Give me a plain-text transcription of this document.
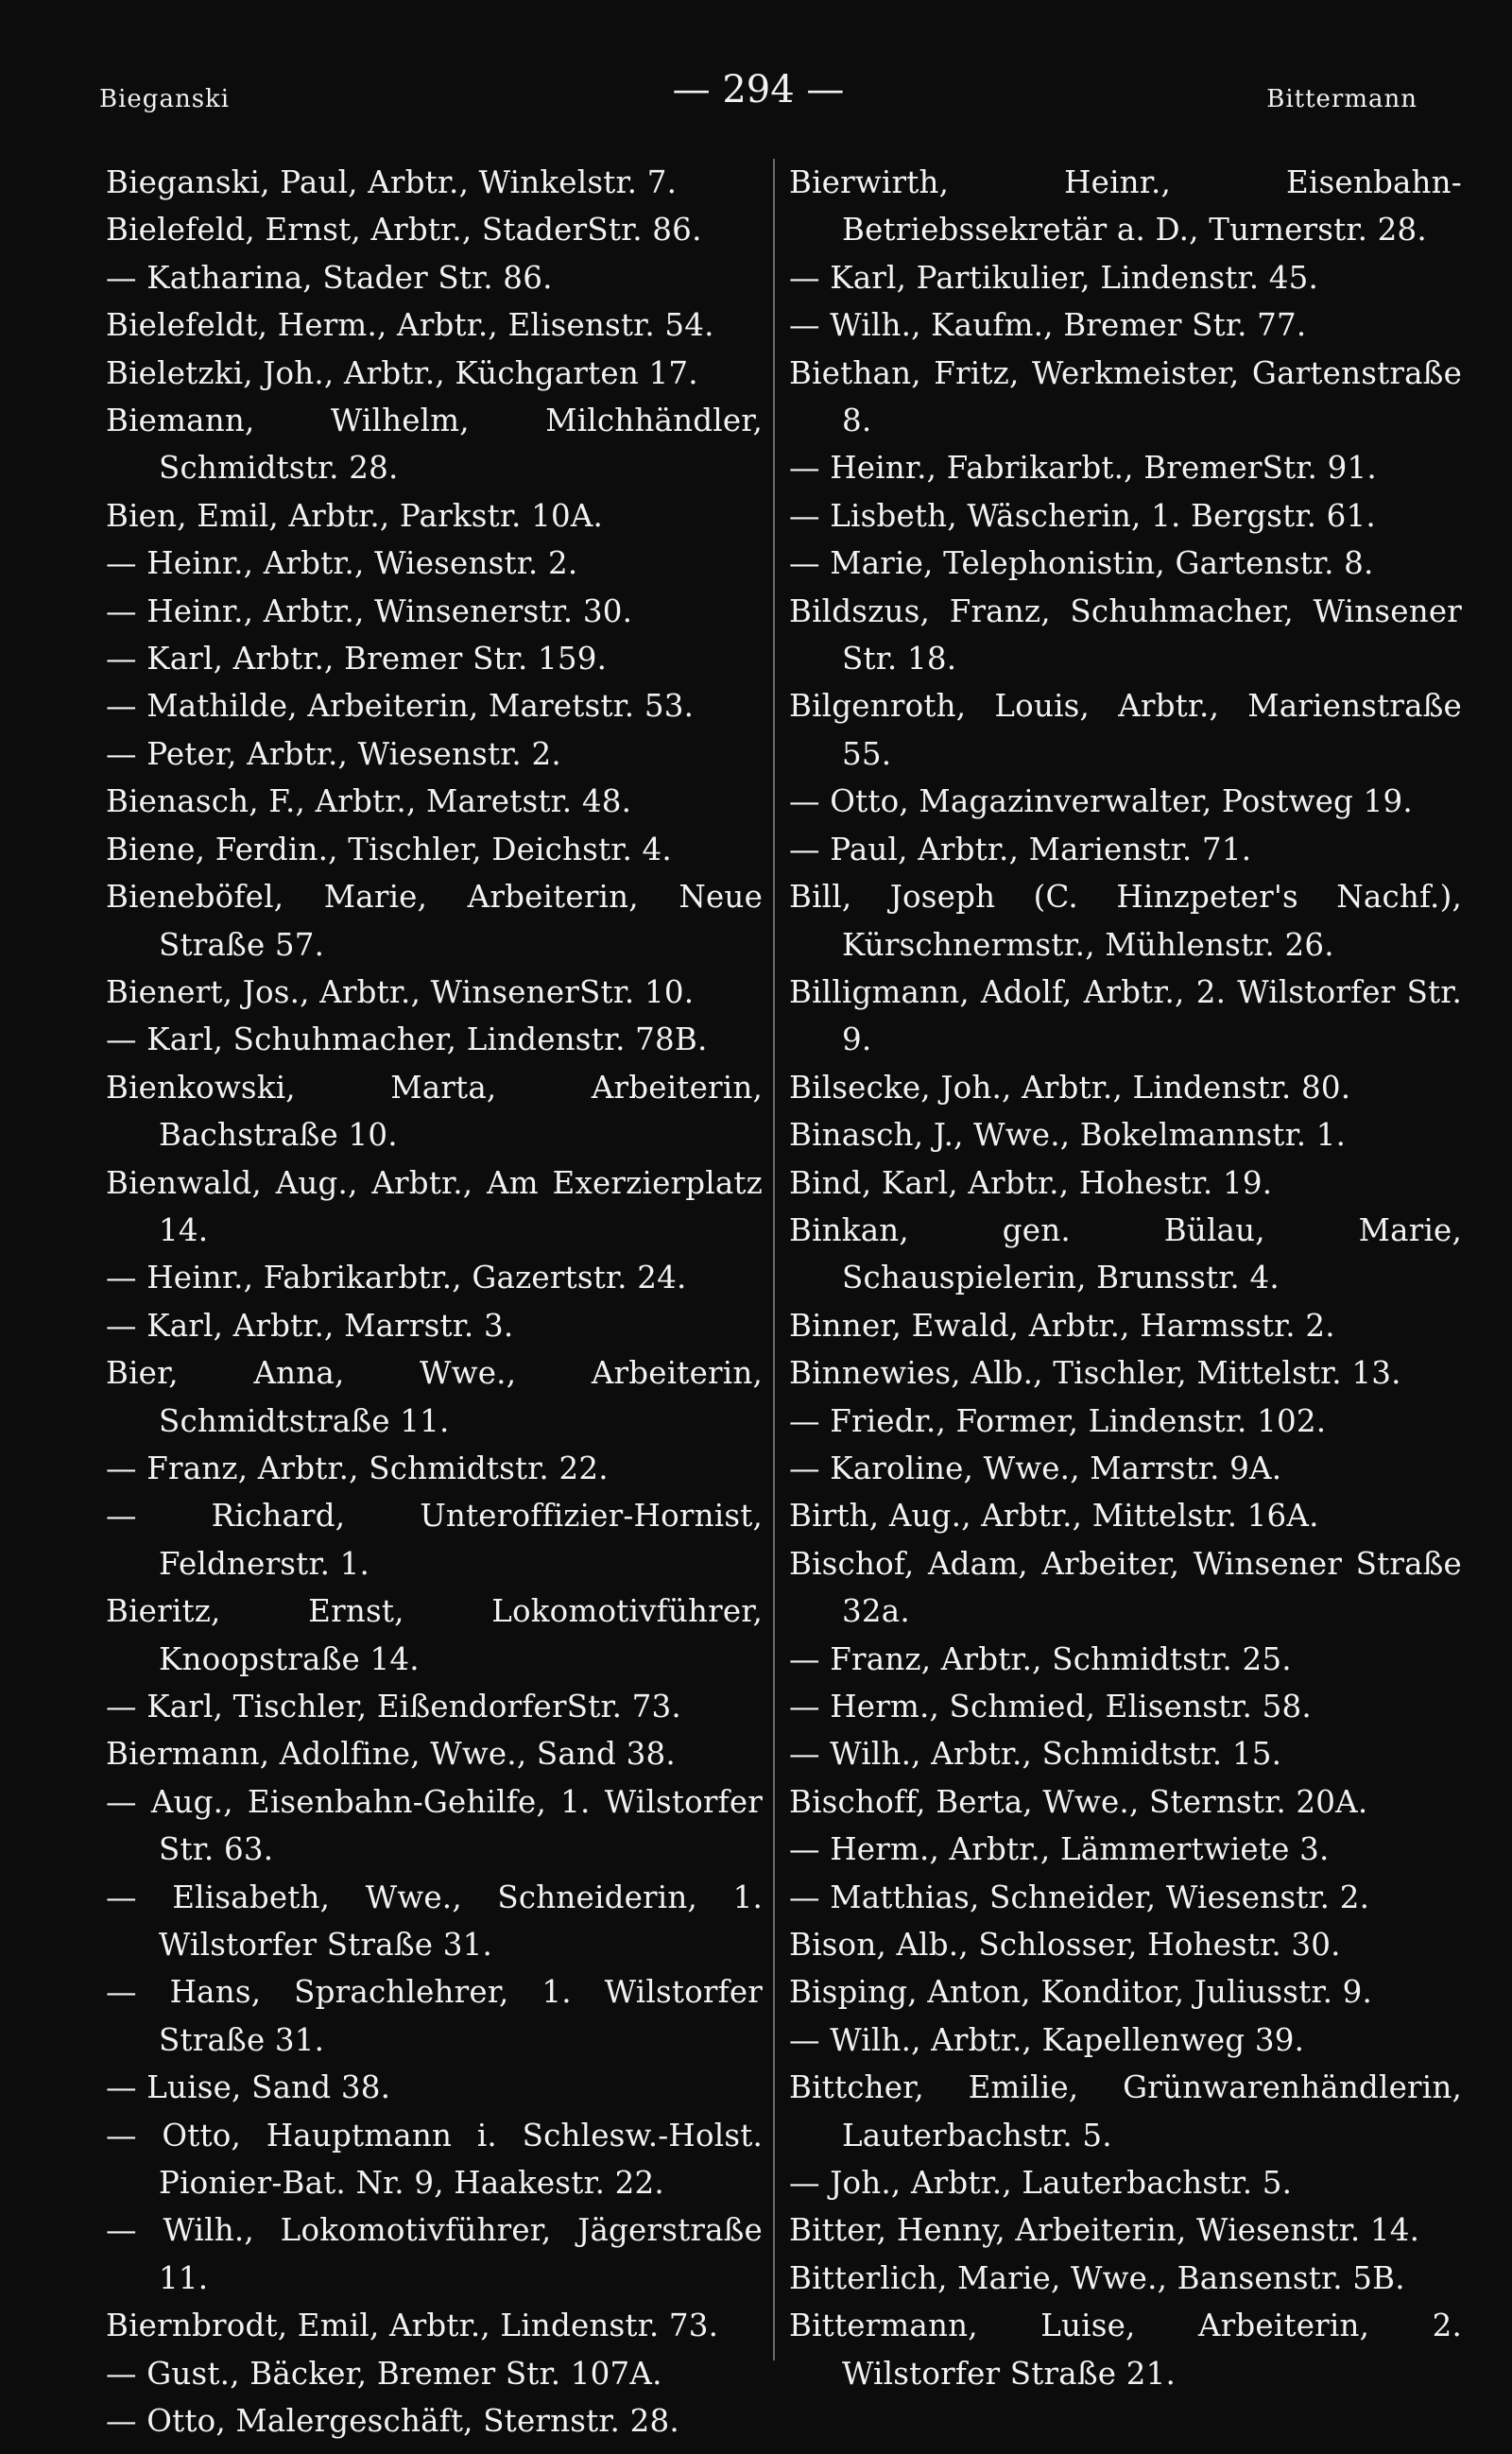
Bieganski	— 294 —	Bittermann
Bieganski, Paul, Arbtr., Winkelstr. 7.
Bielefeld, Ernst, Arbtr., StaderStr. 86.
— Katharina, Stader Str. 86.
Bielefeldt, Herm., Arbtr., Elisenstr. 54.
Bieletzki, Joh., Arbtr., Küchgarten 17.
Biemann, Wilhelm, Milchhändler, Schmidtstr. 28.
Bien, Emil, Arbtr., Parkstr. 10A.
— Heinr., Arbtr., Wiesenstr. 2.
— Heinr., Arbtr., Winsenerstr. 30.
— Karl, Arbtr., Bremer Str. 159.
— Mathilde, Arbeiterin, Maretstr. 53.
— Peter, Arbtr., Wiesenstr. 2.
Bienasch, F., Arbtr., Maretstr. 48.
Biene, Ferdin., Tischler, Deichstr. 4.
Bieneböfel, Marie, Arbeiterin, Neue Straße 57.
Bienert, Jos., Arbtr., WinsenerStr. 10.
— Karl, Schuhmacher, Lindenstr. 78B.
Bienkowski, Marta, Arbeiterin, Bachstraße 10.
Bienwald, Aug., Arbtr., Am Exerzierplatz 14.
— Heinr., Fabrikarbtr., Gazertstr. 24.
— Karl, Arbtr., Marrstr. 3.
Bier, Anna, Wwe., Arbeiterin, Schmidtstraße 11.
— Franz, Arbtr., Schmidtstr. 22.
— Richard, Unteroffizier-Hornist, Feldnerstr. 1.
Bieritz, Ernst, Lokomotivführer, Knoopstraße 14.
— Karl, Tischler, EißendorferStr. 73.
Biermann, Adolfine, Wwe., Sand 38.
— Aug., Eisenbahn-Gehilfe, 1. Wilstorfer Str. 63.
— Elisabeth, Wwe., Schneiderin, 1. Wilstorfer Straße 31.
— Hans, Sprachlehrer, 1. Wilstorfer Straße 31.
— Luise, Sand 38.
— Otto, Hauptmann i. Schlesw.-Holst. Pionier-Bat. Nr. 9, Haakestr. 22.
— Wilh., Lokomotivführer, Jägerstraße 11.
Biernbrodt, Emil, Arbtr., Lindenstr. 73.
— Gust., Bäcker, Bremer Str. 107A.
— Otto, Malergeschäft, Sternstr. 28.
Bierwirth, Heinr., Eisenbahn-Betriebssekretär a. D., Turnerstr. 28.
— Karl, Partikulier, Lindenstr. 45.
— Wilh., Kaufm., Bremer Str. 77.
Biethan, Fritz, Werkmeister, Gartenstraße 8.
— Heinr., Fabrikarbt., BremerStr. 91.
— Lisbeth, Wäscherin, 1. Bergstr. 61.
— Marie, Telephonistin, Gartenstr. 8.
Bildszus, Franz, Schuhmacher, Winsener Str. 18.
Bilgenroth, Louis, Arbtr., Marienstraße 55.
— Otto, Magazinverwalter, Postweg 19.
— Paul, Arbtr., Marienstr. 71.
Bill, Joseph (C. Hinzpeter's Nachf.), Kürschnermstr., Mühlenstr. 26.
Billigmann, Adolf, Arbtr., 2. Wilstorfer Str. 9.
Bilsecke, Joh., Arbtr., Lindenstr. 80.
Binasch, J., Wwe., Bokelmannstr. 1.
Bind, Karl, Arbtr., Hohestr. 19.
Binkan, gen. Bülau, Marie, Schauspielerin, Brunsstr. 4.
Binner, Ewald, Arbtr., Harmsstr. 2.
Binnewies, Alb., Tischler, Mittelstr. 13.
— Friedr., Former, Lindenstr. 102.
— Karoline, Wwe., Marrstr. 9A.
Birth, Aug., Arbtr., Mittelstr. 16A.
Bischof, Adam, Arbeiter, Winsener Straße 32a.
— Franz, Arbtr., Schmidtstr. 25.
— Herm., Schmied, Elisenstr. 58.
— Wilh., Arbtr., Schmidtstr. 15.
Bischoff, Berta, Wwe., Sternstr. 20A.
— Herm., Arbtr., Lämmertwiete 3.
— Matthias, Schneider, Wiesenstr. 2.
Bison, Alb., Schlosser, Hohestr. 30.
Bisping, Anton, Konditor, Juliusstr. 9.
— Wilh., Arbtr., Kapellenweg 39.
Bittcher, Emilie, Grünwarenhändlerin, Lauterbachstr. 5.
— Joh., Arbtr., Lauterbachstr. 5.
Bitter, Henny, Arbeiterin, Wiesenstr. 14.
Bitterlich, Marie, Wwe., Bansenstr. 5B.
Bittermann, Luise, Arbeiterin, 2. Wilstorfer Straße 21.
